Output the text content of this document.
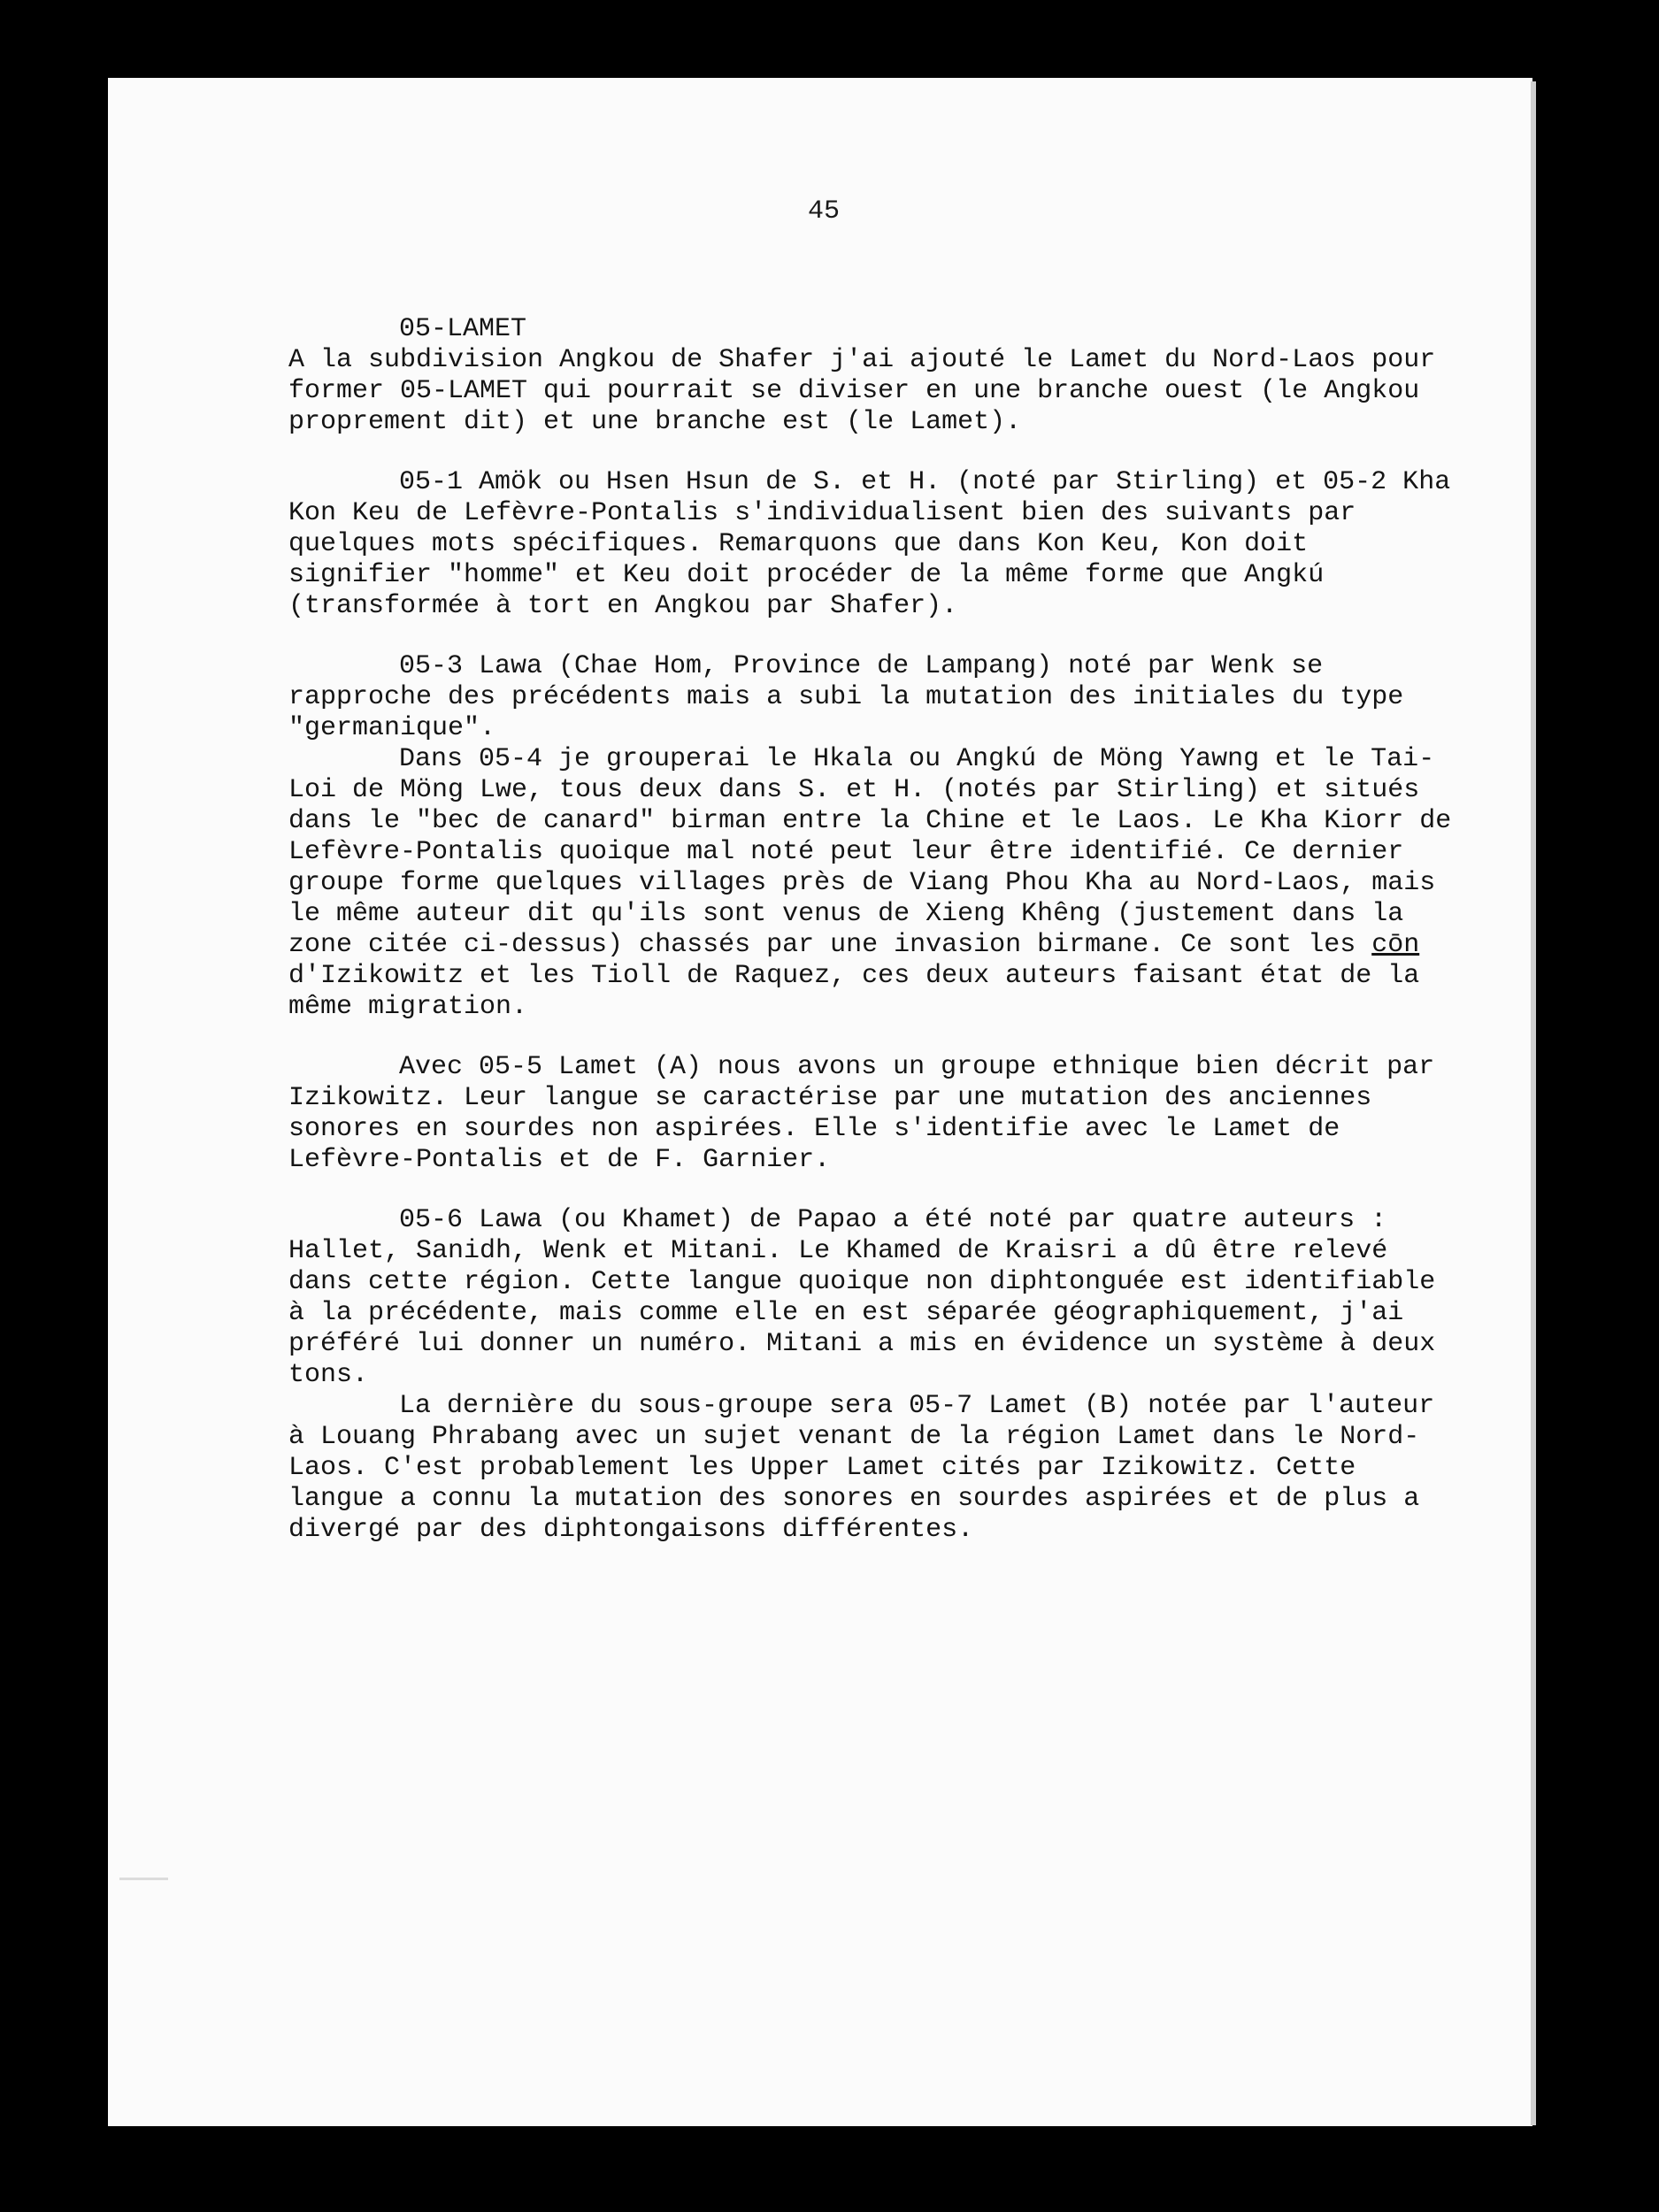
45

05-LAMET

A la subdivision Angkou de Shafer j'ai ajouté le Lamet du Nord-Laos pour former 05-LAMET qui pourrait se diviser en une branche ouest (le Angkou proprement dit) et une branche est (le Lamet).

05-1 Amök ou Hsen Hsun de S. et H. (noté par Stirling) et 05-2 Kha Kon Keu de Lefèvre-Pontalis s'individualisent bien des suivants par quelques mots spécifiques. Remarquons que dans Kon Keu, Kon doit signifier "homme" et Keu doit procéder de la même forme que Angkú (transformée à tort en Angkou par Shafer).

05-3 Lawa (Chae Hom, Province de Lampang) noté par Wenk se rapproche des précédents mais a subi la mutation des initiales du type "germanique".

Dans 05-4 je grouperai le Hkala ou Angkú de Möng Yawng et le Tai-Loi de Möng Lwe, tous deux dans S. et H. (notés par Stirling) et situés dans le "bec de canard" birman entre la Chine et le Laos. Le Kha Kiorr de Lefèvre-Pontalis quoique mal noté peut leur être identifié. Ce dernier groupe forme quelques villages près de Viang Phou Kha au Nord-Laos, mais le même auteur dit qu'ils sont venus de Xieng Khêng (justement dans la zone citée ci-dessus) chassés par une invasion birmane. Ce sont les cōn d'Izikowitz et les Tioll de Raquez, ces deux auteurs faisant état de la même migration.

Avec 05-5 Lamet (A) nous avons un groupe ethnique bien décrit par Izikowitz. Leur langue se caractérise par une mutation des anciennes sonores en sourdes non aspirées. Elle s'identifie avec le Lamet de Lefèvre-Pontalis et de F. Garnier.

05-6 Lawa (ou Khamet) de Papao a été noté par quatre auteurs : Hallet, Sanidh, Wenk et Mitani. Le Khamed de Kraisri a dû être relevé dans cette région. Cette langue quoique non diphtonguée est identifiable à la précédente, mais comme elle en est séparée géographiquement, j'ai préféré lui donner un numéro. Mitani a mis en évidence un système à deux tons.

La dernière du sous-groupe sera 05-7 Lamet (B) notée par l'auteur à Louang Phrabang avec un sujet venant de la région Lamet dans le Nord-Laos. C'est probablement les Upper Lamet cités par Izikowitz. Cette langue a connu la mutation des sonores en sourdes aspirées et de plus a divergé par des diphtongaisons différentes.
